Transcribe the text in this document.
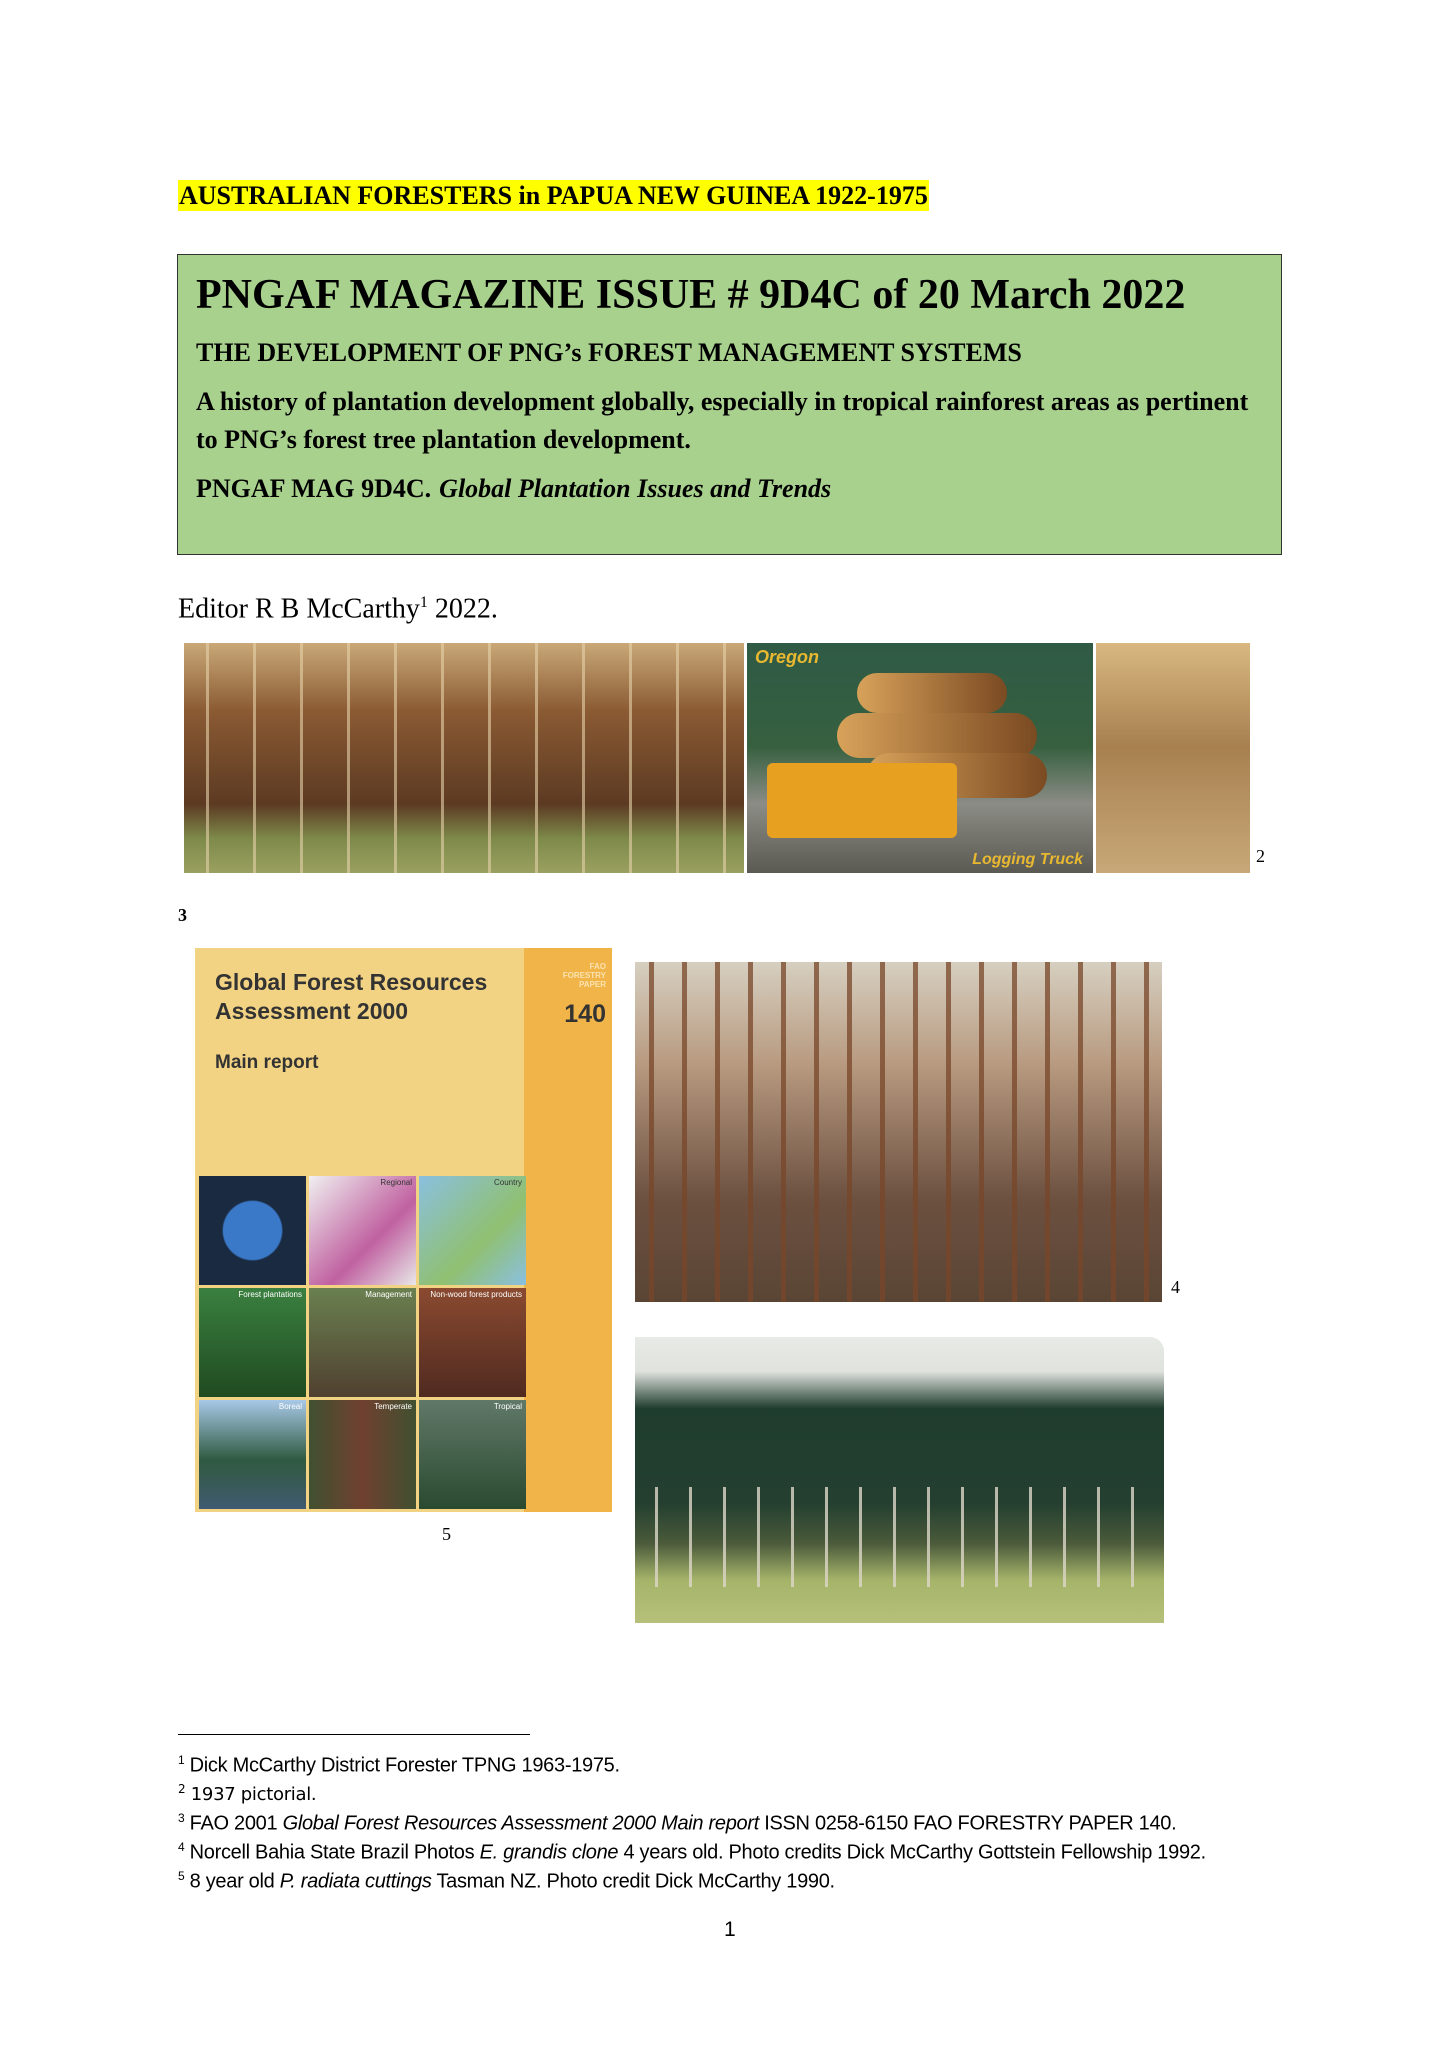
AUSTRALIAN FORESTERS in PAPUA NEW GUINEA 1922-1975
PNGAF MAGAZINE ISSUE # 9D4C of 20 March 2022
THE DEVELOPMENT OF PNG’s FOREST MANAGEMENT SYSTEMS
A history of plantation development globally, especially in tropical rainforest areas as pertinent to PNG’s forest tree plantation development.
PNGAF MAG 9D4C. Global Plantation Issues and Trends
Editor R B McCarthy$^1$ 2022.
Oregon
Logging Truck	2
3
Global Forest Resources
Assessment 2000
Main report
FAO
FORESTRY
PAPER
140
Regional	Country
Forest plantations	Management	Non-wood forest products
Boreal	Temperate	Tropical
5
4
$^1$ Dick McCarthy District Forester TPNG 1963-1975.
$^2$ 1937 pictorial.
$^3$ FAO 2001 Global Forest Resources Assessment 2000 Main report ISSN 0258-6150 FAO FORESTRY PAPER 140.
$^4$ Norcell Bahia State Brazil Photos E. grandis clone 4 years old. Photo credits Dick McCarthy Gottstein Fellowship 1992.
$^5$ 8 year old P. radiata cuttings Tasman NZ. Photo credit Dick McCarthy 1990.
1
